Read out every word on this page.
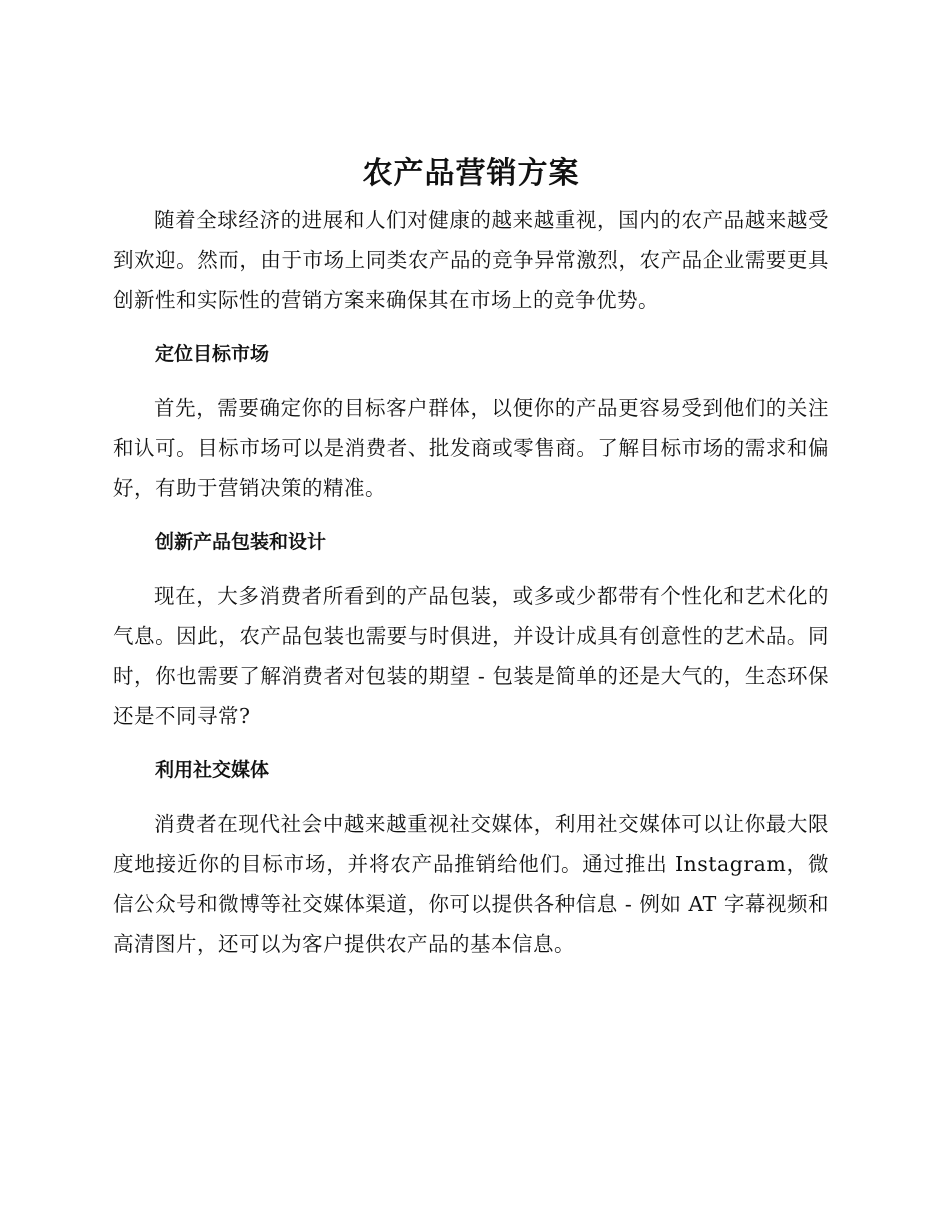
农产品营销方案

随着全球经济的进展和人们对健康的越来越重视，国内的农产品越来越受到欢迎。然而，由于市场上同类农产品的竞争异常激烈，农产品企业需要更具创新性和实际性的营销方案来确保其在市场上的竞争优势。

定位目标市场

首先，需要确定你的目标客户群体，以便你的产品更容易受到他们的关注和认可。目标市场可以是消费者、批发商或零售商。了解目标市场的需求和偏好，有助于营销决策的精准。

创新产品包装和设计

现在，大多消费者所看到的产品包装，或多或少都带有个性化和艺术化的气息。因此，农产品包装也需要与时俱进，并设计成具有创意性的艺术品。同时，你也需要了解消费者对包装的期望 - 包装是简单的还是大气的，生态环保还是不同寻常?

利用社交媒体

消费者在现代社会中越来越重视社交媒体，利用社交媒体可以让你最大限度地接近你的目标市场，并将农产品推销给他们。通过推出 Instagram，微信公众号和微博等社交媒体渠道，你可以提供各种信息 - 例如 AT 字幕视频和高清图片，还可以为客户提供农产品的基本信息。
